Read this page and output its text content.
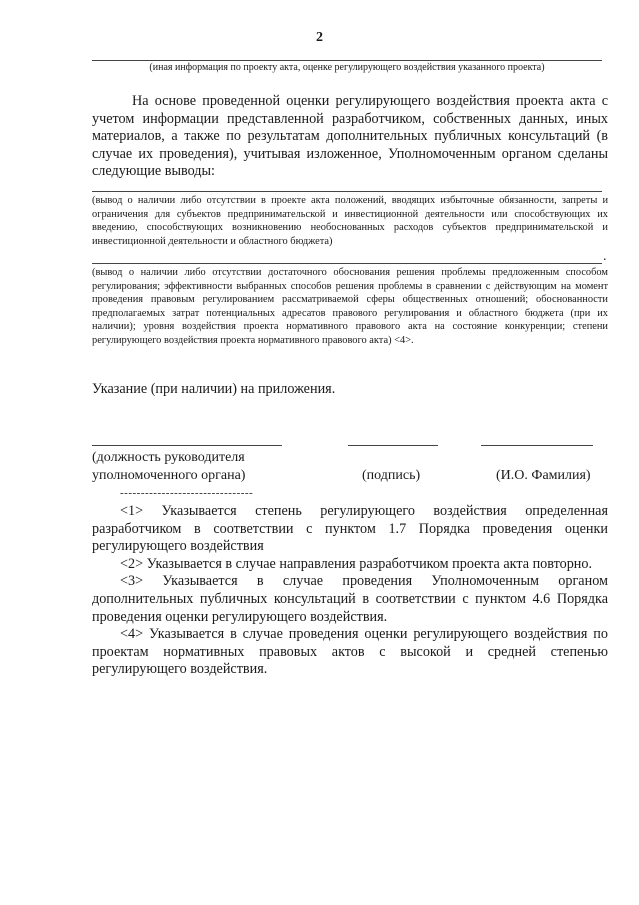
2
(иная информация по проекту акта, оценке регулирующего воздействия указанного проекта)
На основе проведенной оценки регулирующего воздействия проекта акта с учетом информации представленной разработчиком, собственных данных, иных материалов, а также по результатам дополнительных публичных консультаций (в случае их проведения), учитывая изложенное, Уполномоченным органом сделаны следующие выводы:
(вывод о наличии либо отсутствии в проекте акта положений, вводящих избыточные обязанности, запреты и ограничения для субъектов предпринимательской и инвестиционной деятельности или способствующих их введению, способствующих возникновению необоснованных расходов субъектов предпринимательской и инвестиционной деятельности и областного бюджета)
.
(вывод о наличии либо отсутствии достаточного обоснования решения проблемы предложенным способом регулирования; эффективности выбранных способов решения проблемы в сравнении с действующим на момент проведения правовым регулированием рассматриваемой сферы общественных отношений; обоснованности предполагаемых затрат потенциальных адресатов правового регулирования и областного бюджета (при их наличии); уровня воздействия проекта нормативного правового акта на состояние конкуренции; степени регулирующего воздействия проекта нормативного правового акта) <4>.
Указание (при наличии) на приложения.
(должность руководителя
уполномоченного органа)	(подпись)	(И.О. Фамилия)
--------------------------------

<1> Указывается степень регулирующего воздействия определенная разработчиком в соответствии с пунктом 1.7 Порядка проведения оценки регулирующего воздействия

<2> Указывается в случае направления разработчиком проекта акта повторно.

<3> Указывается в случае проведения Уполномоченным органом дополнительных публичных консультаций в соответствии с пунктом 4.6 Порядка проведения оценки регулирующего воздействия.

<4> Указывается в случае проведения оценки регулирующего воздействия по проектам нормативных правовых актов с высокой и средней степенью регулирующего воздействия.
